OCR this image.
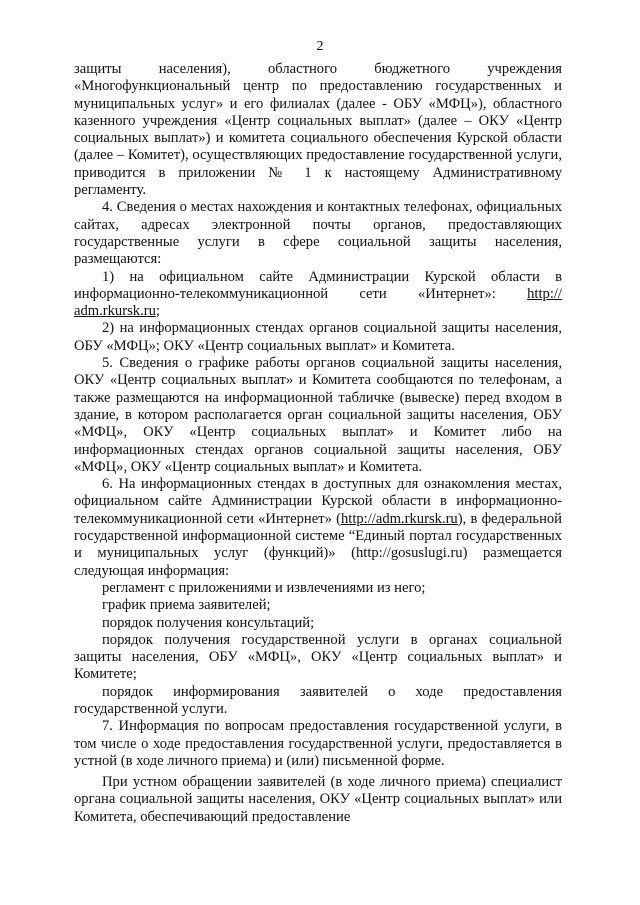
2

защиты населения), областного бюджетного учреждения «Многофункциональный центр по предоставлению государственных и муниципальных услуг» и его филиалах (далее - ОБУ «МФЦ»), областного казенного учреждения «Центр социальных выплат» (далее – ОКУ «Центр социальных выплат») и комитета социального обеспечения Курской области (далее – Комитет), осуществляющих предоставление государственной услуги, приводится в приложении № 1 к настоящему Административному регламенту.

4. Сведения о местах нахождения и контактных телефонах, официальных сайтах, адресах электронной почты органов, предоставляющих государственные услуги в сфере социальной защиты населения, размещаются:

1) на официальном сайте Администрации Курской области в информационно-телекоммуникационной сети «Интернет»: http:// adm.rkursk.ru;

2) на информационных стендах органов социальной защиты населения, ОБУ «МФЦ»; ОКУ «Центр социальных выплат» и Комитета.

5. Сведения о графике работы органов социальной защиты населения, ОКУ «Центр социальных выплат» и Комитета сообщаются по телефонам, а также размещаются на информационной табличке (вывеске) перед входом в здание, в котором располагается орган социальной защиты населения, ОБУ «МФЦ», ОКУ «Центр социальных выплат» и Комитет либо на информационных стендах органов социальной защиты населения, ОБУ «МФЦ», ОКУ «Центр социальных выплат» и Комитета.

6. На информационных стендах в доступных для ознакомления местах, официальном сайте Администрации Курской области в информационно-телекоммуникационной сети «Интернет» (http://adm.rkursk.ru), в федеральной государственной информационной системе “Единый портал государственных и муниципальных услуг (функций)» (http://gosuslugi.ru) размещается следующая информация:

регламент с приложениями и извлечениями из него;

график приема заявителей;

порядок получения консультаций;

порядок получения государственной услуги в органах социальной защиты населения, ОБУ «МФЦ», ОКУ «Центр социальных выплат» и Комитете;

порядок информирования заявителей о ходе предоставления государственной услуги.

7. Информация по вопросам предоставления государственной услуги, в том числе о ходе предоставления государственной услуги, предоставляется в устной (в ходе личного приема) и (или) письменной форме.

При устном обращении заявителей (в ходе личного приема) специалист органа социальной защиты населения, ОКУ «Центр социальных выплат» или Комитета, обеспечивающий предоставление
